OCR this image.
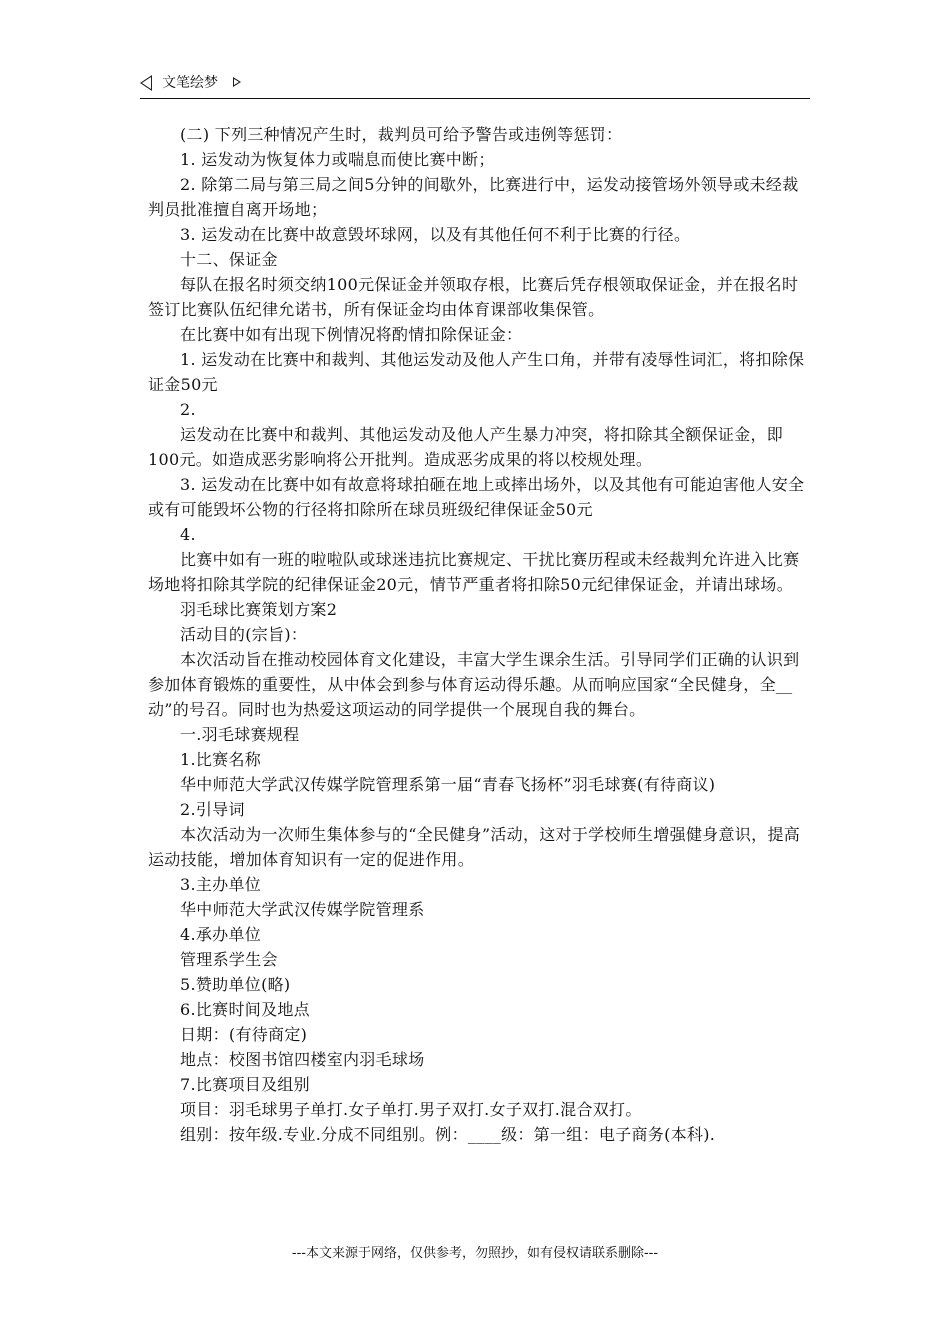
文笔绘梦

(二) 下列三种情况产生时，裁判员可给予警告或违例等惩罚：

1. 运发动为恢复体力或喘息而使比赛中断；

2. 除第二局与第三局之间5分钟的间歇外，比赛进行中，运发动接管场外领导或未经裁判员批准擅自离开场地；

3. 运发动在比赛中故意毁坏球网，以及有其他任何不利于比赛的行径。

十二、保证金

每队在报名时须交纳100元保证金并领取存根，比赛后凭存根领取保证金，并在报名时签订比赛队伍纪律允诺书，所有保证金均由体育课部收集保管。

在比赛中如有出现下例情况将酌情扣除保证金：

1. 运发动在比赛中和裁判、其他运发动及他人产生口角，并带有凌辱性词汇，将扣除保证金50元

2.

运发动在比赛中和裁判、其他运发动及他人产生暴力冲突，将扣除其全额保证金，即100元。如造成恶劣影响将公开批判。造成恶劣成果的将以校规处理。

3. 运发动在比赛中如有故意将球拍砸在地上或摔出场外，以及其他有可能迫害他人安全或有可能毁坏公物的行径将扣除所在球员班级纪律保证金50元

4.

比赛中如有一班的啦啦队或球迷违抗比赛规定、干扰比赛历程或未经裁判允许进入比赛场地将扣除其学院的纪律保证金20元，情节严重者将扣除50元纪律保证金，并请出球场。

羽毛球比赛策划方案2

活动目的(宗旨)：

本次活动旨在推动校园体育文化建设，丰富大学生课余生活。引导同学们正确的认识到参加体育锻炼的重要性，从中体会到参与体育运动得乐趣。从而响应国家“全民健身，全__动”的号召。同时也为热爱这项运动的同学提供一个展现自我的舞台。

一.羽毛球赛规程

1.比赛名称

华中师范大学武汉传媒学院管理系第一届“青春飞扬杯”羽毛球赛(有待商议)

2.引导词

本次活动为一次师生集体参与的“全民健身”活动，这对于学校师生增强健身意识，提高运动技能，增加体育知识有一定的促进作用。

3.主办单位

华中师范大学武汉传媒学院管理系

4.承办单位

管理系学生会

5.赞助单位(略)

6.比赛时间及地点

日期：(有待商定)

地点：校图书馆四楼室内羽毛球场

7.比赛项目及组别

项目：羽毛球男子单打.女子单打.男子双打.女子双打.混合双打。

组别：按年级.专业.分成不同组别。例：____级：第一组：电子商务(本科).

---本文来源于网络，仅供参考，勿照抄，如有侵权请联系删除---
